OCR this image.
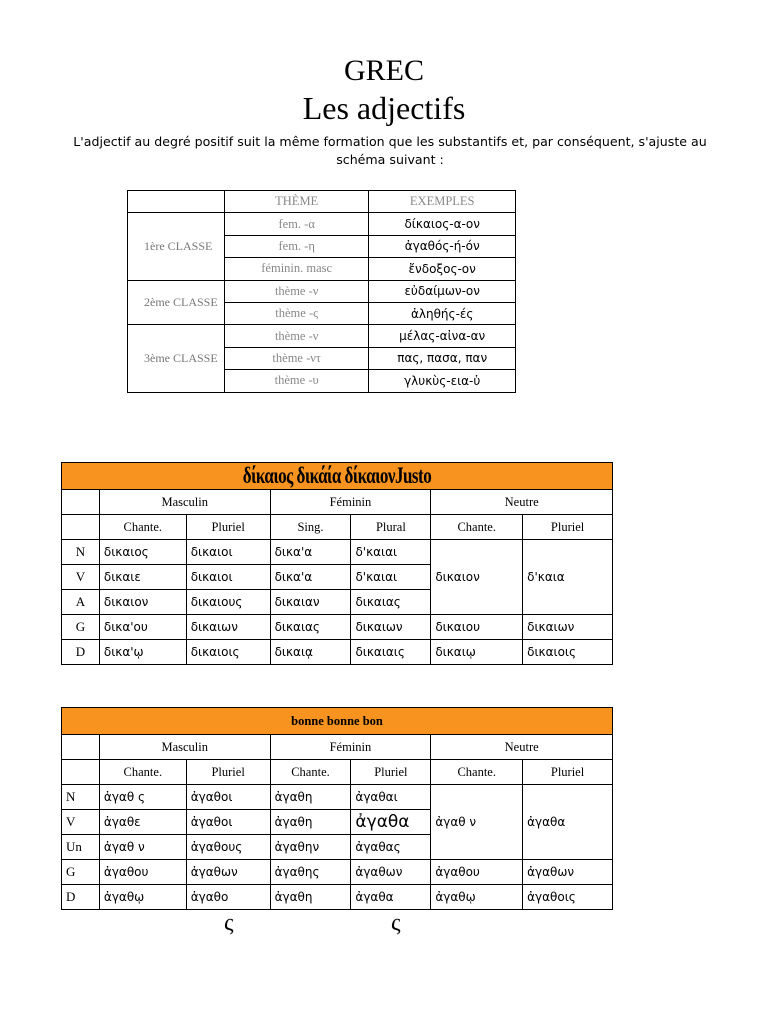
GREC
Les adjectifs
L'adjectif au degré positif suit la même formation que les substantifs et, par conséquent, s'ajuste au schéma suivant :
	THÈME	EXEMPLES
1ère CLASSE	fem. -α	δίκαιος-α-ον
	fem. -η	ἀγαθός-ή-όν
	féminin. masc	ἔνδοξος-ον
2ème CLASSE	thème -ν	εὐδαίμων-ον
	thème -ς	ἀληθής-ές
3ème CLASSE	thème -ν	μέλας-αἰνα-αν
	thème -ντ	πας, πασα, παν
	thème -υ	γλυκὺς-εια-ὑ
δίκαιος δικάία δίκαιονJusto						
	Masculin		Féminin		Neutre	
	Chante.	Pluriel	Sing.	Plural	Chante.	Pluriel
N	δικαιος	δικαιοι	δικα'α	δ'καιαι	δικαιον	δ'καια
V	δικαιε	δικαιοι	δικα'α	δ'καιαι		
A	δικαιον	δικαιους	δικαιαν	δικαιας		
G	δικα'ου	δικαιων	δικαιας	δικαιων	δικαιου	δικαιων
D	δικα'ῳ	δικαιοις	δικαιᾳ	δικαιαις	δικαιῳ	δικαιοις
bonne bonne bon						
	Masculin		Féminin		Neutre	
	Chante.	Pluriel	Chante.	Pluriel	Chante.	Pluriel
N	ἀγαθ ς	ἀγαθοι	ἀγαθη	ἀγαθαι	ἀγαθ ν	ἀγαθα
V	ἀγαθε	ἀγαθοι	ἀγαθη	ἀγαθα		
Un	ἀγαθ ν	ἀγαθους	ἀγαθην	ἀγαθας		
G	ἀγαθου	ἀγαθων	ἀγαθης	ἀγαθων	ἀγαθου	ἀγαθων
D	ἀγαθῳ	ἀγαθο	ἀγαθη	ἀγαθα	ἀγαθῳ	ἀγαθοις
ς	ς
